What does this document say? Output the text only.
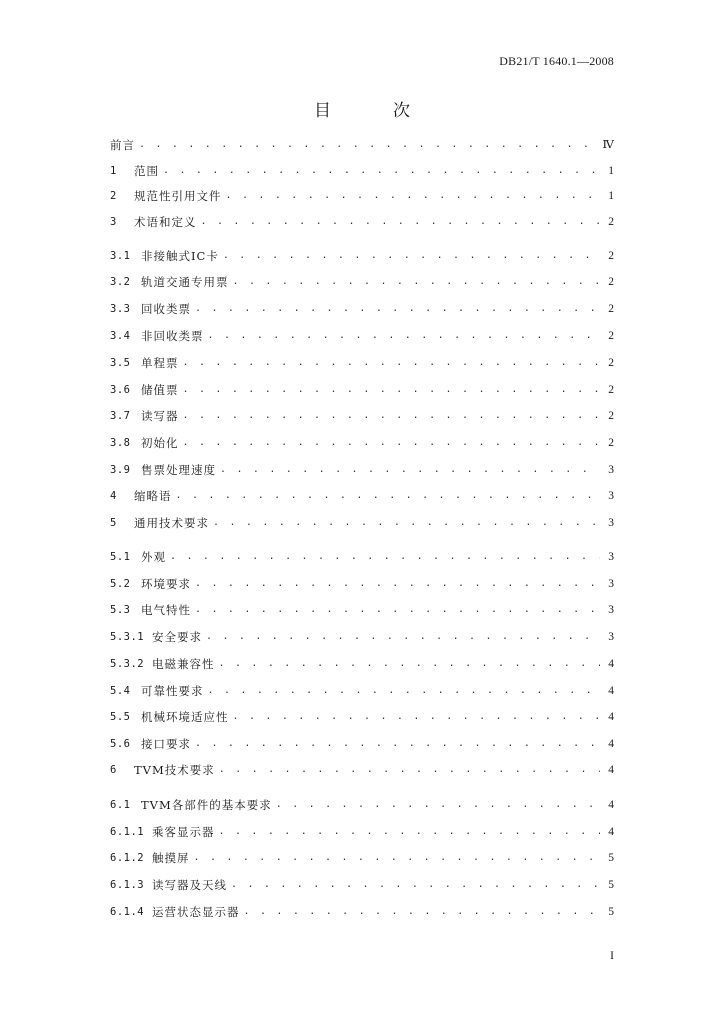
DB21/T 1640.1—2008
目次
前言 . . .	Ⅳ
1	范围 . . .	1
2	规范性引用文件 . . .	1
3	术语和定义 . . .	2
3.1 非接触式IC卡 . . .	2
3.2 轨道交通专用票 . . .	2
3.3 回收类票 . . .	2
3.4 非回收类票 . . .	2
3.5 单程票 . . .	2
3.6 储值票 . . .	2
3.7 读写器 . . .	2
3.8 初始化 . . .	2
3.9 售票处理速度 . . .	3
4	缩略语 . . .	3
5	通用技术要求 . . .	3
5.1 外观 . . .	3
5.2 环境要求 . . .	3
5.3 电气特性 . . .	3
5.3.1 安全要求 . . .	3
5.3.2 电磁兼容性 . . .	4
5.4 可靠性要求 . . .	4
5.5 机械环境适应性 . . .	4
5.6 接口要求 . . .	4
6	TVM技术要求 . . .	4
6.1 TVM各部件的基本要求 . . .	4
6.1.1 乘客显示器 . . .	4
6.1.2 触摸屏 . . .	5
6.1.3 读写器及天线 . . .	5
6.1.4 运营状态显示器 . . .	5
I
